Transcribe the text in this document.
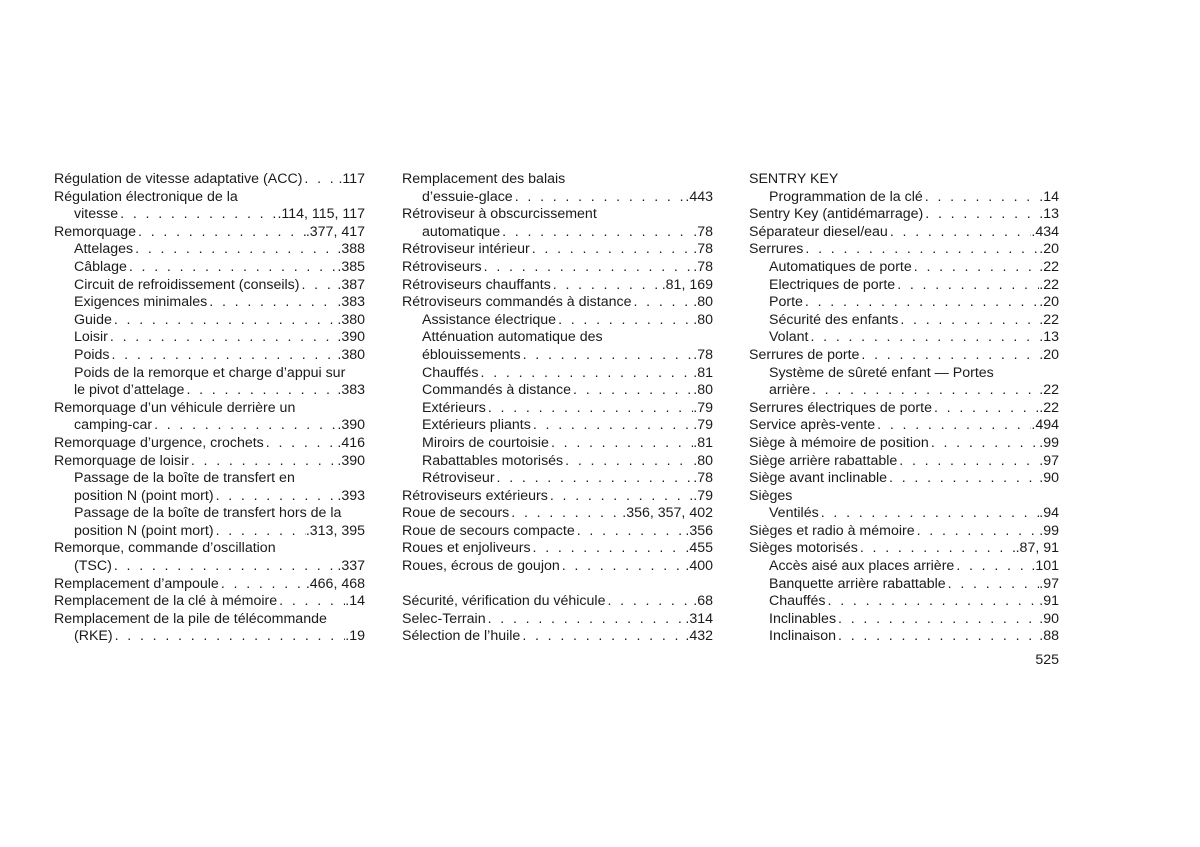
Régulation de vitesse adaptative (ACC) . . .	.117
Régulation électronique de la
vitesse . . .	.114, 115, 117
Remorquage . . .	.377, 417
Attelages . . .	.388
Câblage . . .	.385
Circuit de refroidissement (conseils) . . .	.387
Exigences minimales . . .	.383
Guide . . .	.380
Loisir . . .	.390
Poids . . .	.380
Poids de la remorque et charge d’appui sur
le pivot d’attelage . . .	.383
Remorquage d’un véhicule derrière un
camping-car . . .	.390
Remorquage d’urgence, crochets . . .	.416
Remorquage de loisir . . .	.390
Passage de la boîte de transfert en
position N (point mort) . . .	.393
Passage de la boîte de transfert hors de la
position N (point mort) . . .	.313, 395
Remorque, commande d’oscillation
(TSC) . . .	.337
Remplacement d’ampoule . . .	.466, 468
Remplacement de la clé à mémoire . . .	.14
Remplacement de la pile de télécommande
(RKE) . . .	.19
Remplacement des balais
d’essuie-glace . . .	.443
Rétroviseur à obscurcissement
automatique . . .	.78
Rétroviseur intérieur . . .	.78
Rétroviseurs . . .	.78
Rétroviseurs chauffants . . .	.81, 169
Rétroviseurs commandés à distance . . .	.80
Assistance électrique . . .	.80
Atténuation automatique des
éblouissements . . .	.78
Chauffés . . .	.81
Commandés à distance . . .	.80
Extérieurs . . .	.79
Extérieurs pliants . . .	.79
Miroirs de courtoisie . . .	.81
Rabattables motorisés . . .	.80
Rétroviseur . . .	.78
Rétroviseurs extérieurs . . .	.79
Roue de secours . . .	.356, 357, 402
Roue de secours compacte . . .	.356
Roues et enjoliveurs . . .	.455
Roues, écrous de goujon . . .	.400
Sécurité, vérification du véhicule . . .	.68
Selec-Terrain . . .	.314
Sélection de l’huile . . .	.432
SENTRY KEY
Programmation de la clé . . .	.14
Sentry Key (antidémarrage) . . .	.13
Séparateur diesel/eau . . .	.434
Serrures . . .	.20
Automatiques de porte . . .	.22
Electriques de porte . . .	.22
Porte . . .	.20
Sécurité des enfants . . .	.22
Volant . . .	.13
Serrures de porte . . .	.20
Système de sûreté enfant — Portes
arrière . . .	.22
Serrures électriques de porte . . .	.22
Service après-vente . . .	.494
Siège à mémoire de position . . .	.99
Siège arrière rabattable . . .	.97
Siège avant inclinable . . .	.90
Sièges
Ventilés . . .	.94
Sièges et radio à mémoire . . .	.99
Sièges motorisés . . .	.87, 91
Accès aisé aux places arrière . . .	.101
Banquette arrière rabattable . . .	.97
Chauffés . . .	.91
Inclinables . . .	.90
Inclinaison . . .	.88
525
